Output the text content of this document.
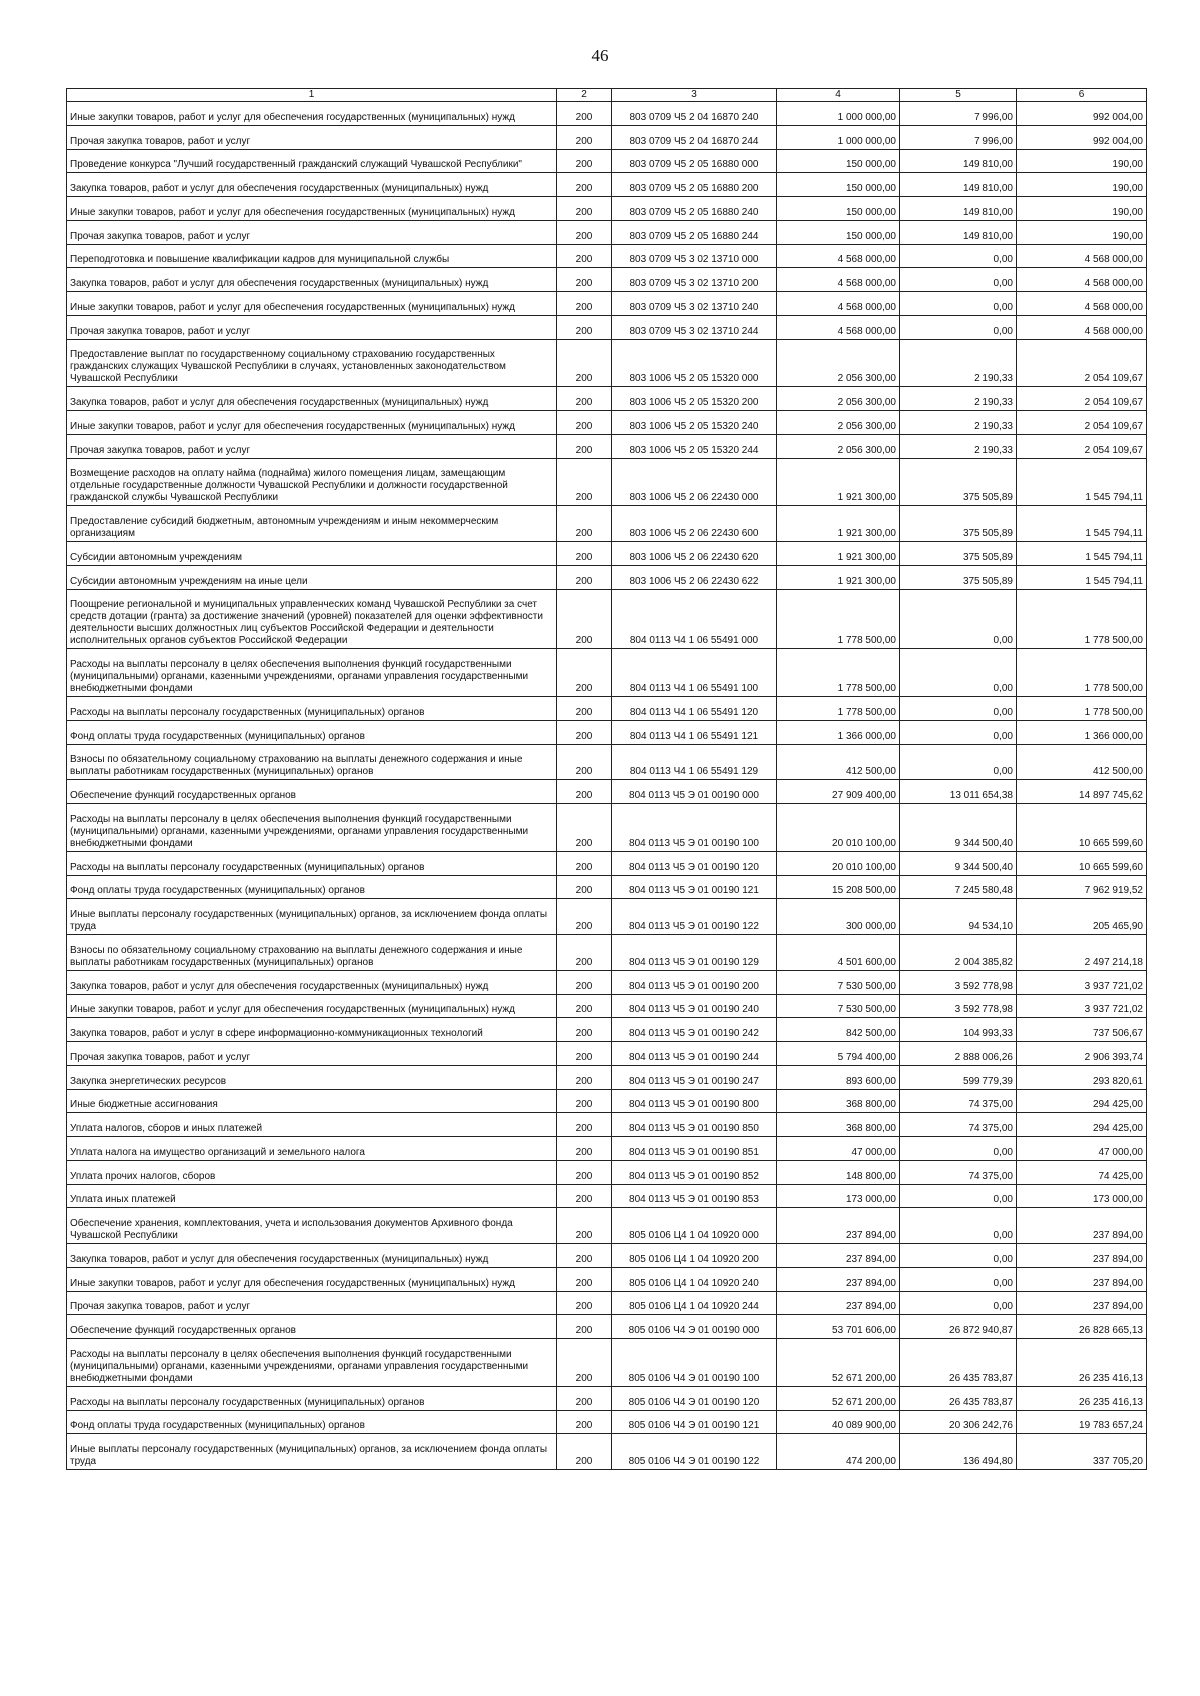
46
1	2	3	4	5	6
Иные закупки товаров, работ и услуг для обеспечения государственных (муниципальных) нужд	200	803 0709 Ч5 2 04 16870 240	1 000 000,00	7 996,00	992 004,00
Прочая закупка товаров, работ и услуг	200	803 0709 Ч5 2 04 16870 244	1 000 000,00	7 996,00	992 004,00
Проведение конкурса "Лучший государственный гражданский служащий Чувашской Республики"	200	803 0709 Ч5 2 05 16880 000	150 000,00	149 810,00	190,00
Закупка товаров, работ и услуг для обеспечения государственных (муниципальных) нужд	200	803 0709 Ч5 2 05 16880 200	150 000,00	149 810,00	190,00
Иные закупки товаров, работ и услуг для обеспечения государственных (муниципальных) нужд	200	803 0709 Ч5 2 05 16880 240	150 000,00	149 810,00	190,00
Прочая закупка товаров, работ и услуг	200	803 0709 Ч5 2 05 16880 244	150 000,00	149 810,00	190,00
Переподготовка и повышение квалификации кадров для муниципальной службы	200	803 0709 Ч5 3 02 13710 000	4 568 000,00	0,00	4 568 000,00
Закупка товаров, работ и услуг для обеспечения государственных (муниципальных) нужд	200	803 0709 Ч5 3 02 13710 200	4 568 000,00	0,00	4 568 000,00
Иные закупки товаров, работ и услуг для обеспечения государственных (муниципальных) нужд	200	803 0709 Ч5 3 02 13710 240	4 568 000,00	0,00	4 568 000,00
Прочая закупка товаров, работ и услуг	200	803 0709 Ч5 3 02 13710 244	4 568 000,00	0,00	4 568 000,00
Предоставление выплат по государственному социальному страхованию государственных гражданских служащих Чувашской Республики в случаях, установленных законодательством Чувашской Республики	200	803 1006 Ч5 2 05 15320 000	2 056 300,00	2 190,33	2 054 109,67
Закупка товаров, работ и услуг для обеспечения государственных (муниципальных) нужд	200	803 1006 Ч5 2 05 15320 200	2 056 300,00	2 190,33	2 054 109,67
Иные закупки товаров, работ и услуг для обеспечения государственных (муниципальных) нужд	200	803 1006 Ч5 2 05 15320 240	2 056 300,00	2 190,33	2 054 109,67
Прочая закупка товаров, работ и услуг	200	803 1006 Ч5 2 05 15320 244	2 056 300,00	2 190,33	2 054 109,67
Возмещение расходов на оплату найма (поднайма) жилого помещения лицам, замещающим отдельные государственные должности Чувашской Республики и должности государственной гражданской службы Чувашской Республики	200	803 1006 Ч5 2 06 22430 000	1 921 300,00	375 505,89	1 545 794,11
Предоставление субсидий бюджетным, автономным учреждениям и иным некоммерческим организациям	200	803 1006 Ч5 2 06 22430 600	1 921 300,00	375 505,89	1 545 794,11
Субсидии автономным учреждениям	200	803 1006 Ч5 2 06 22430 620	1 921 300,00	375 505,89	1 545 794,11
Субсидии автономным учреждениям на иные цели	200	803 1006 Ч5 2 06 22430 622	1 921 300,00	375 505,89	1 545 794,11
Поощрение региональной и муниципальных управленческих команд Чувашской Республики за счет средств дотации (гранта) за достижение значений (уровней) показателей для оценки эффективности деятельности высших должностных лиц субъектов Российской Федерации и деятельности исполнительных органов субъектов Российской Федерации	200	804 0113 Ч4 1 06 55491 000	1 778 500,00	0,00	1 778 500,00
Расходы на выплаты персоналу в целях обеспечения выполнения функций государственными (муниципальными) органами, казенными учреждениями, органами управления государственными внебюджетными фондами	200	804 0113 Ч4 1 06 55491 100	1 778 500,00	0,00	1 778 500,00
Расходы на выплаты персоналу государственных (муниципальных) органов	200	804 0113 Ч4 1 06 55491 120	1 778 500,00	0,00	1 778 500,00
Фонд оплаты труда государственных (муниципальных) органов	200	804 0113 Ч4 1 06 55491 121	1 366 000,00	0,00	1 366 000,00
Взносы по обязательному социальному страхованию на выплаты денежного содержания и иные выплаты работникам государственных (муниципальных) органов	200	804 0113 Ч4 1 06 55491 129	412 500,00	0,00	412 500,00
Обеспечение функций государственных органов	200	804 0113 Ч5 Э 01 00190 000	27 909 400,00	13 011 654,38	14 897 745,62
Расходы на выплаты персоналу в целях обеспечения выполнения функций государственными (муниципальными) органами, казенными учреждениями, органами управления государственными внебюджетными фондами	200	804 0113 Ч5 Э 01 00190 100	20 010 100,00	9 344 500,40	10 665 599,60
Расходы на выплаты персоналу государственных (муниципальных) органов	200	804 0113 Ч5 Э 01 00190 120	20 010 100,00	9 344 500,40	10 665 599,60
Фонд оплаты труда государственных (муниципальных) органов	200	804 0113 Ч5 Э 01 00190 121	15 208 500,00	7 245 580,48	7 962 919,52
Иные выплаты персоналу государственных (муниципальных) органов, за исключением фонда оплаты труда	200	804 0113 Ч5 Э 01 00190 122	300 000,00	94 534,10	205 465,90
Взносы по обязательному социальному страхованию на выплаты денежного содержания и иные выплаты работникам государственных (муниципальных) органов	200	804 0113 Ч5 Э 01 00190 129	4 501 600,00	2 004 385,82	2 497 214,18
Закупка товаров, работ и услуг для обеспечения государственных (муниципальных) нужд	200	804 0113 Ч5 Э 01 00190 200	7 530 500,00	3 592 778,98	3 937 721,02
Иные закупки товаров, работ и услуг для обеспечения государственных (муниципальных) нужд	200	804 0113 Ч5 Э 01 00190 240	7 530 500,00	3 592 778,98	3 937 721,02
Закупка товаров, работ и услуг в сфере информационно-коммуникационных технологий	200	804 0113 Ч5 Э 01 00190 242	842 500,00	104 993,33	737 506,67
Прочая закупка товаров, работ и услуг	200	804 0113 Ч5 Э 01 00190 244	5 794 400,00	2 888 006,26	2 906 393,74
Закупка энергетических ресурсов	200	804 0113 Ч5 Э 01 00190 247	893 600,00	599 779,39	293 820,61
Иные бюджетные ассигнования	200	804 0113 Ч5 Э 01 00190 800	368 800,00	74 375,00	294 425,00
Уплата налогов, сборов и иных платежей	200	804 0113 Ч5 Э 01 00190 850	368 800,00	74 375,00	294 425,00
Уплата налога на имущество организаций и земельного налога	200	804 0113 Ч5 Э 01 00190 851	47 000,00	0,00	47 000,00
Уплата прочих налогов, сборов	200	804 0113 Ч5 Э 01 00190 852	148 800,00	74 375,00	74 425,00
Уплата иных платежей	200	804 0113 Ч5 Э 01 00190 853	173 000,00	0,00	173 000,00
Обеспечение хранения, комплектования, учета и использования документов Архивного фонда Чувашской Республики	200	805 0106 Ц4 1 04 10920 000	237 894,00	0,00	237 894,00
Закупка товаров, работ и услуг для обеспечения государственных (муниципальных) нужд	200	805 0106 Ц4 1 04 10920 200	237 894,00	0,00	237 894,00
Иные закупки товаров, работ и услуг для обеспечения государственных (муниципальных) нужд	200	805 0106 Ц4 1 04 10920 240	237 894,00	0,00	237 894,00
Прочая закупка товаров, работ и услуг	200	805 0106 Ц4 1 04 10920 244	237 894,00	0,00	237 894,00
Обеспечение функций государственных органов	200	805 0106 Ч4 Э 01 00190 000	53 701 606,00	26 872 940,87	26 828 665,13
Расходы на выплаты персоналу в целях обеспечения выполнения функций государственными (муниципальными) органами, казенными учреждениями, органами управления государственными внебюджетными фондами	200	805 0106 Ч4 Э 01 00190 100	52 671 200,00	26 435 783,87	26 235 416,13
Расходы на выплаты персоналу государственных (муниципальных) органов	200	805 0106 Ч4 Э 01 00190 120	52 671 200,00	26 435 783,87	26 235 416,13
Фонд оплаты труда государственных (муниципальных) органов	200	805 0106 Ч4 Э 01 00190 121	40 089 900,00	20 306 242,76	19 783 657,24
Иные выплаты персоналу государственных (муниципальных) органов, за исключением фонда оплаты труда	200	805 0106 Ч4 Э 01 00190 122	474 200,00	136 494,80	337 705,20
